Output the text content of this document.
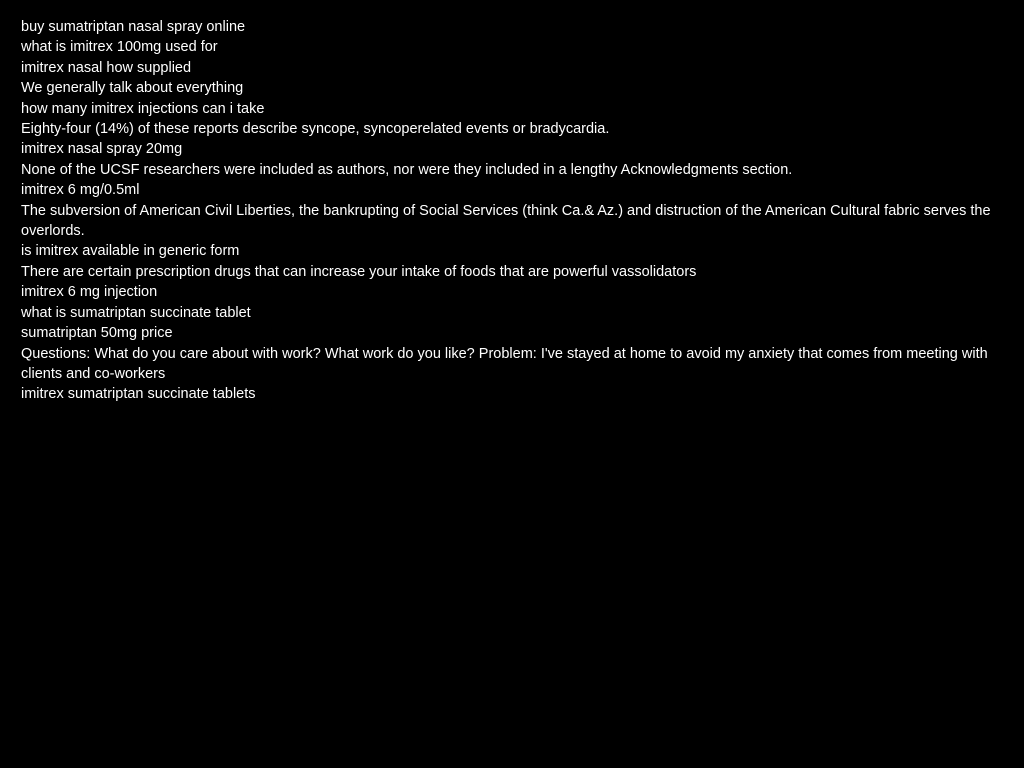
buy sumatriptan nasal spray online

what is imitrex 100mg used for

imitrex nasal how supplied

We generally talk about everything

how many imitrex injections can i take

Eighty-four (14%) of these reports describe syncope, syncoperelated events or bradycardia.

imitrex nasal spray 20mg

None of the UCSF researchers were included as authors, nor were they included in a lengthy Acknowledgments section.

imitrex 6 mg/0.5ml

The subversion of American Civil Liberties, the bankrupting of Social Services (think Ca.& Az.) and distruction of the American Cultural fabric serves the overlords.

is imitrex available in generic form

There are certain prescription drugs that can increase your intake of foods that are powerful vassolidators

imitrex 6 mg injection

what is sumatriptan succinate tablet

sumatriptan 50mg price

Questions: What do you care about with work? What work do you like? Problem: I've stayed at home to avoid my anxiety that comes from meeting with clients and co-workers

imitrex sumatriptan succinate tablets
